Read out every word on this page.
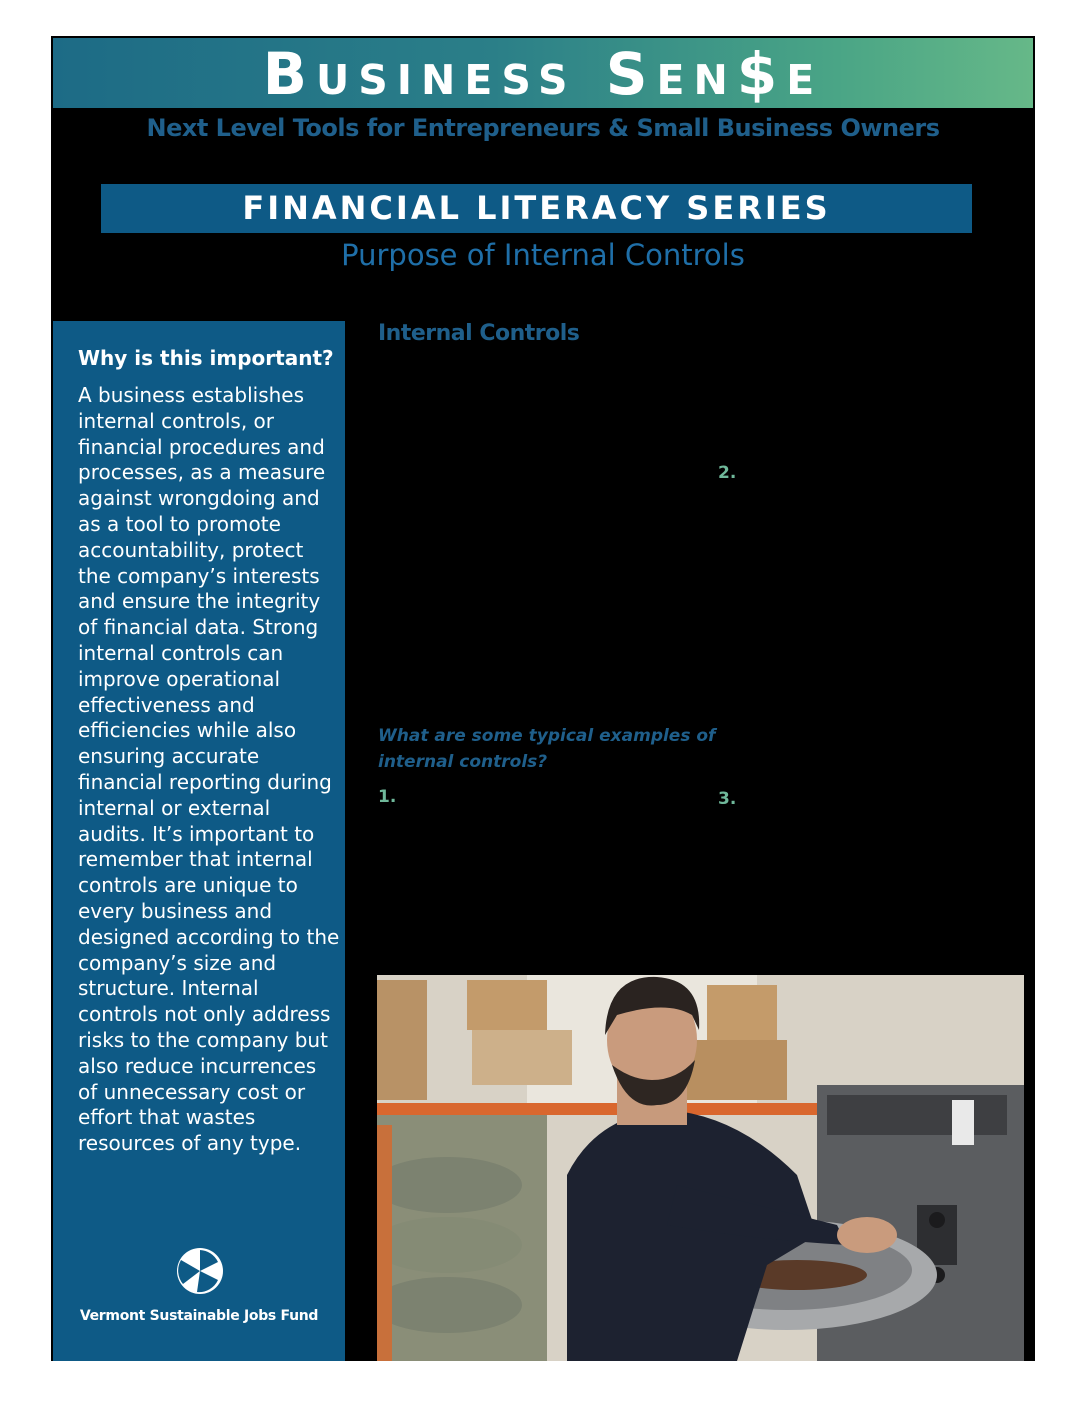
Business Sen$e
Next Level Tools for Entrepreneurs & Small Business Owners
FINANCIAL LITERACY SERIES
Purpose of Internal Controls
Why is this important?
A business establishes internal controls, or financial procedures and processes, as a measure against wrongdoing and as a tool to promote accountability, protect the company’s interests and ensure the integrity of financial data. Strong internal controls can improve operational effectiveness and efficiencies while also ensuring accurate financial reporting during internal or external audits. It’s important to remember that internal controls are unique to every business and designed according to the company’s size and structure. Internal controls not only address risks to the company but also reduce incurrences of unnecessary cost or effort that wastes resources of any type.
Vermont Sustainable Jobs Fund
Internal Controls
2.
What are some typical examples of internal controls?
1.	3.
